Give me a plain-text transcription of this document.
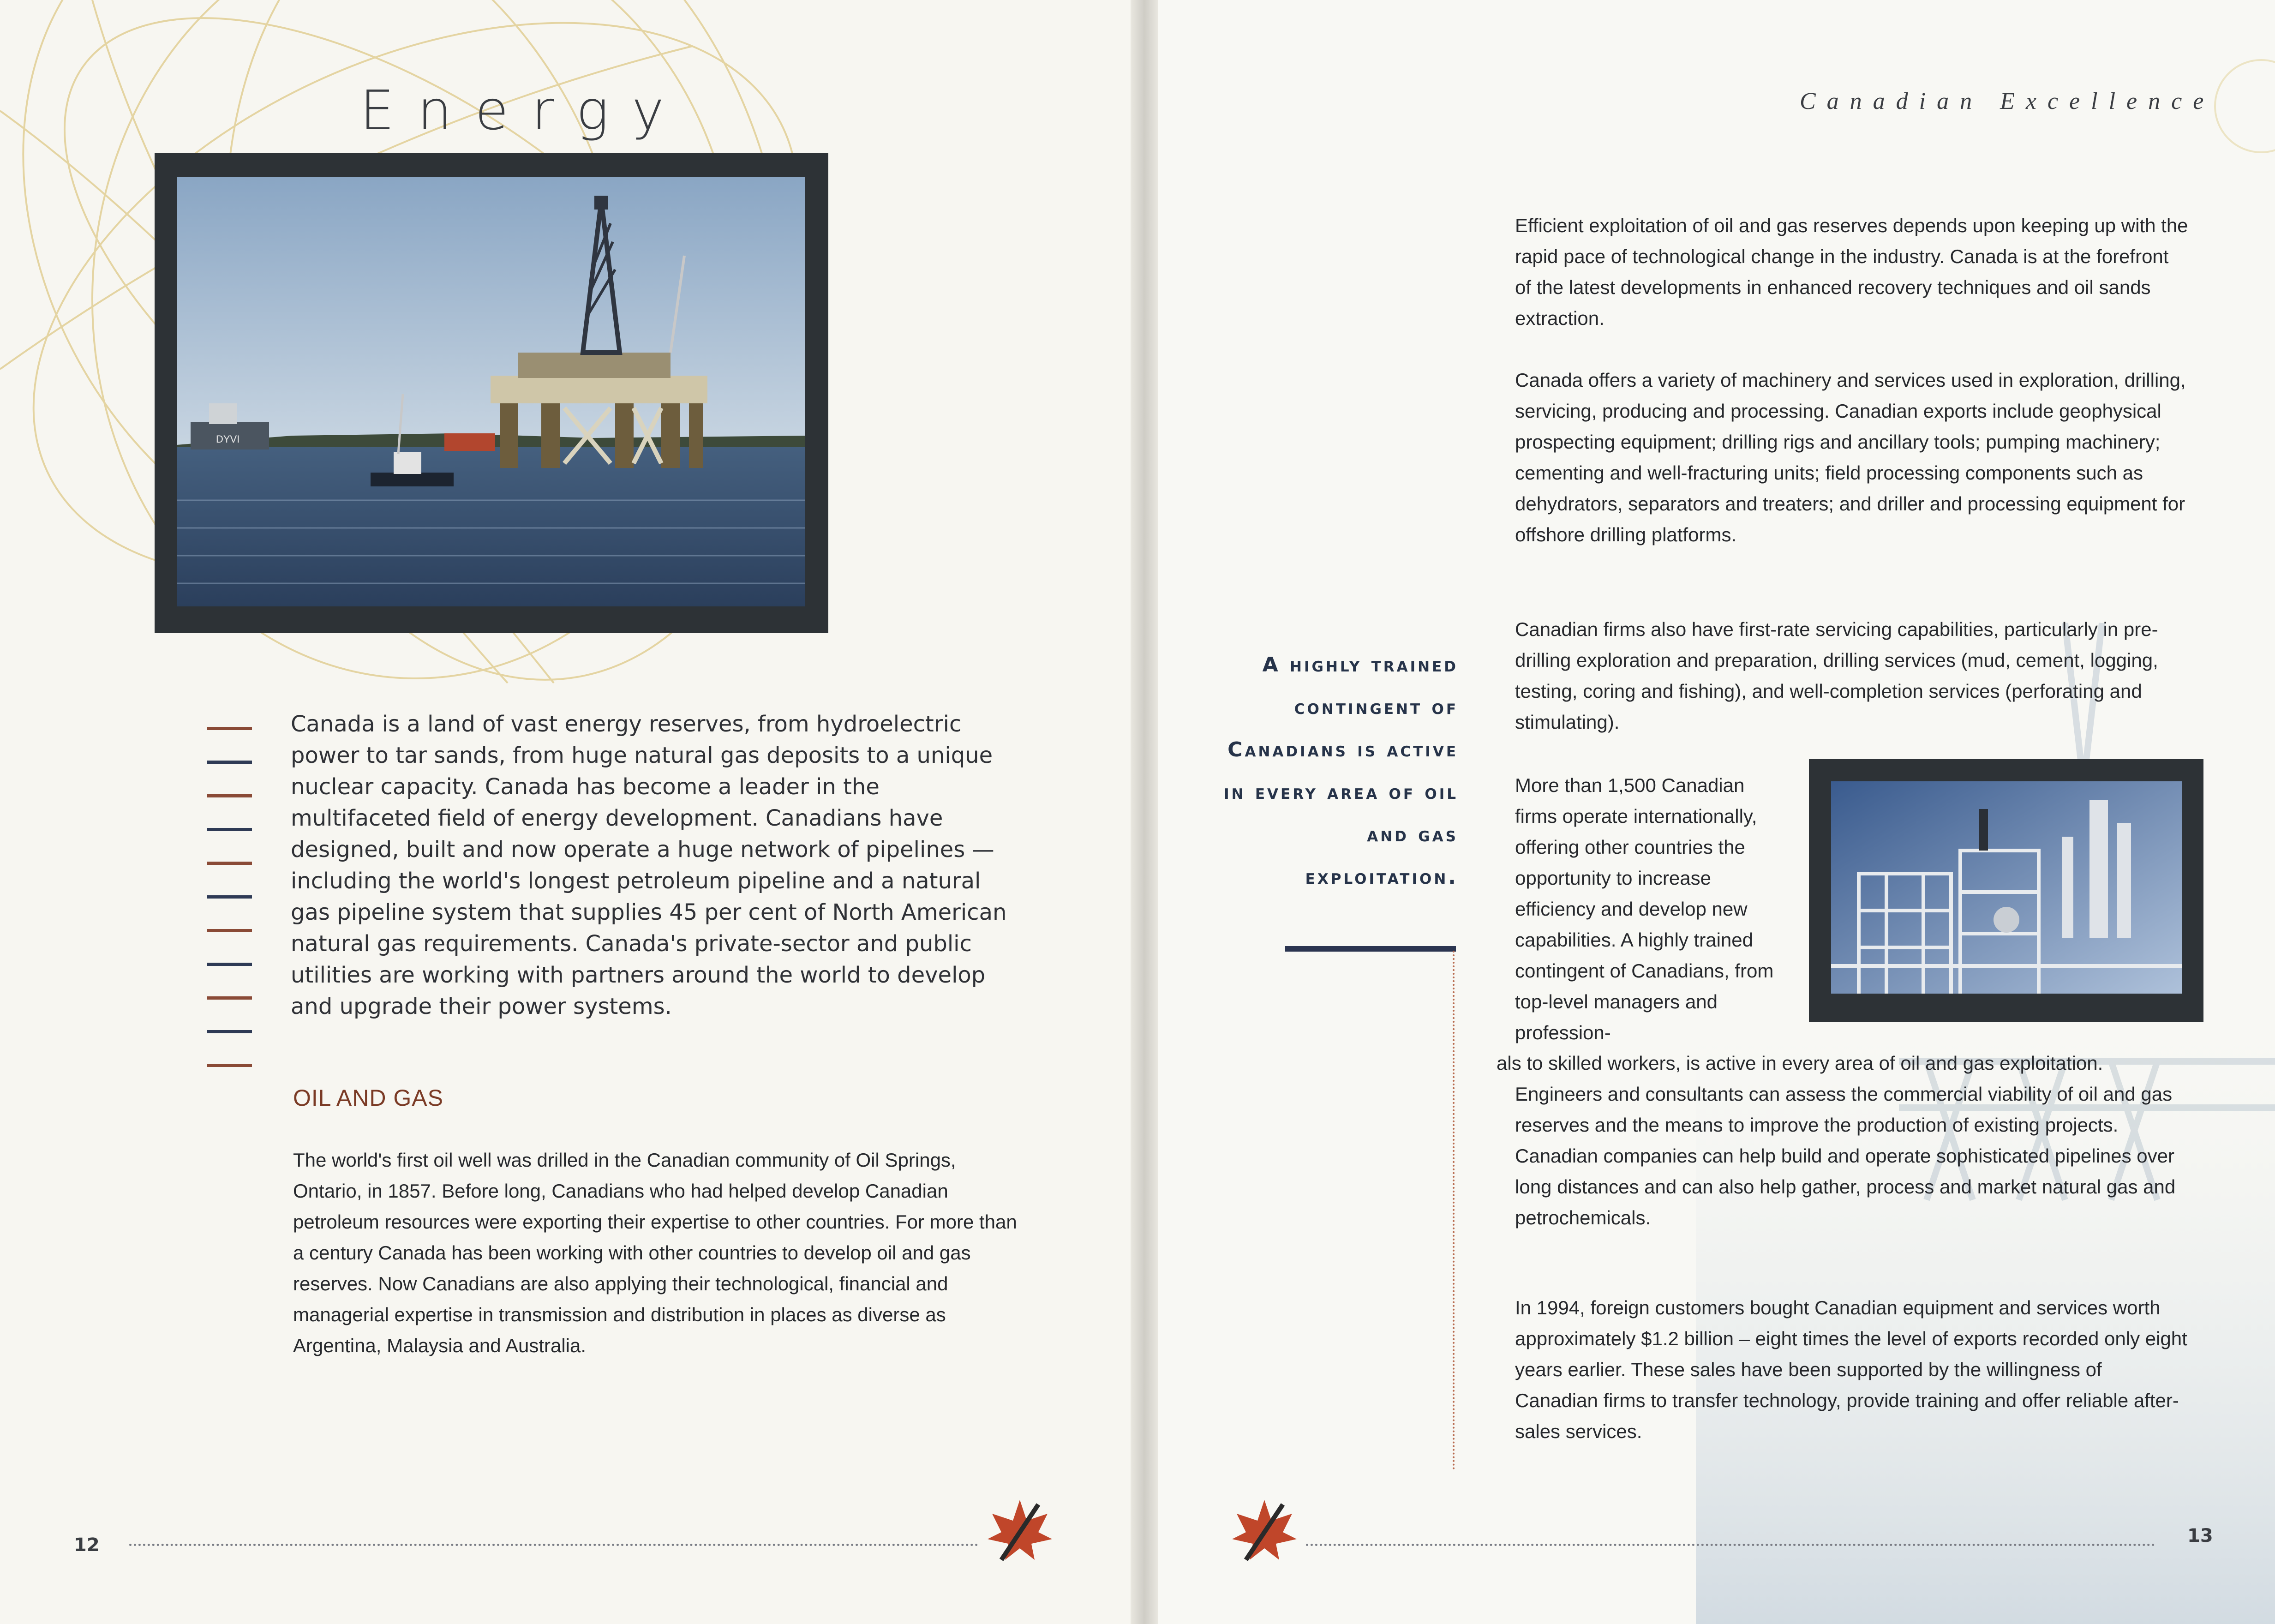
Energy
DYVI
Canada is a land of vast energy reserves, from hydroelectric power to tar sands, from huge natural gas deposits to a unique nuclear capacity. Canada has become a leader in the multifaceted field of energy development. Canadians have designed, built and now operate a huge network of pipelines — including the world's longest petroleum pipeline and a natural gas pipeline system that supplies 45 per cent of North American natural gas requirements. Canada's private-sector and public utilities are working with partners around the world to develop and upgrade their power systems.
OIL AND GAS
The world's first oil well was drilled in the Canadian community of Oil Springs, Ontario, in 1857. Before long, Canadians who had helped develop Canadian petroleum resources were exporting their expertise to other countries. For more than a century Canada has been working with other countries to develop oil and gas reserves. Now Canadians are also applying their technological, financial and managerial expertise in transmission and distribution in places as diverse as Argentina, Malaysia and Australia.
12
Canadian Excellence
Efficient exploitation of oil and gas reserves depends upon keeping up with the rapid pace of technological change in the industry. Canada is at the forefront of the latest developments in enhanced recovery techniques and oil sands extraction.
Canada offers a variety of machinery and services used in exploration, drilling, servicing, producing and processing. Canadian exports include geophysical prospecting equipment; drilling rigs and ancillary tools; pumping machinery; cementing and well-fracturing units; field processing components such as dehydrators, separators and treaters; and driller and processing equipment for offshore drilling platforms.
Canadian firms also have first-rate servicing capabilities, particularly in pre-drilling exploration and preparation, drilling services (mud, cement, logging, testing, coring and fishing), and well-completion services (perforating and stimulating).
More than 1,500 Canadian firms operate internationally, offering other countries the opportunity to increase efficiency and develop new capabilities. A highly trained contingent of Canadians, from top-level managers and profession-
als to skilled workers, is active in every area of oil and gas exploitation. Engineers and consultants can assess the commercial viability of oil and gas reserves and the means to improve the production of existing projects. Canadian companies can help build and operate sophisticated pipelines over long distances and can also help gather, process and market natural gas and petrochemicals.
In 1994, foreign customers bought Canadian equipment and services worth approximately $1.2 billion – eight times the level of exports recorded only eight years earlier. These sales have been supported by the willingness of Canadian firms to transfer technology, provide training and offer reliable after-sales services.
A highly trained contingent of Canadians is active in every area of oil and gas exploitation.
13
